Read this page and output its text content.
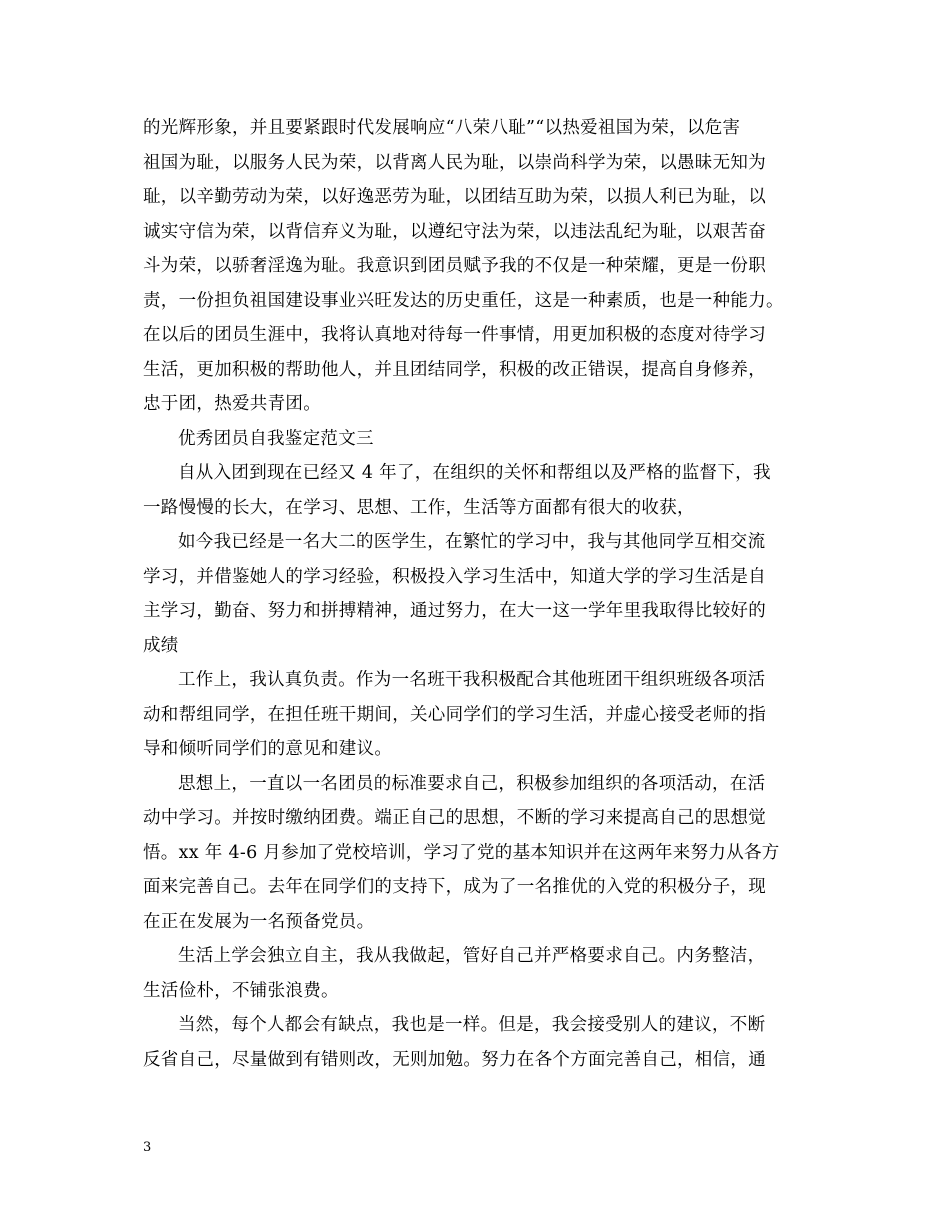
的光辉形象，并且要紧跟时代发展响应“八荣八耻”“以热爱祖国为荣，以危害
祖国为耻，以服务人民为荣，以背离人民为耻，以崇尚科学为荣，以愚昧无知为
耻，以辛勤劳动为荣，以好逸恶劳为耻，以团结互助为荣，以损人利已为耻，以
诚实守信为荣，以背信弃义为耻，以遵纪守法为荣，以违法乱纪为耻，以艰苦奋
斗为荣，以骄奢淫逸为耻。我意识到团员赋予我的不仅是一种荣耀，更是一份职
责，一份担负祖国建设事业兴旺发达的历史重任，这是一种素质，也是一种能力。
在以后的团员生涯中，我将认真地对待每一件事情，用更加积极的态度对待学习
生活，更加积极的帮助他人，并且团结同学，积极的改正错误，提高自身修养，
忠于团，热爱共青团。
优秀团员自我鉴定范文三
自从入团到现在已经又 4 年了，在组织的关怀和帮组以及严格的监督下，我
一路慢慢的长大，在学习、思想、工作，生活等方面都有很大的收获，
如今我已经是一名大二的医学生，在繁忙的学习中，我与其他同学互相交流
学习，并借鉴她人的学习经验，积极投入学习生活中，知道大学的学习生活是自
主学习，勤奋、努力和拼搏精神，通过努力，在大一这一学年里我取得比较好的
成绩
工作上，我认真负责。作为一名班干我积极配合其他班团干组织班级各项活
动和帮组同学，在担任班干期间，关心同学们的学习生活，并虚心接受老师的指
导和倾听同学们的意见和建议。
思想上，一直以一名团员的标准要求自己，积极参加组织的各项活动，在活
动中学习。并按时缴纳团费。端正自己的思想，不断的学习来提高自己的思想觉
悟。xx 年 4-6 月参加了党校培训，学习了党的基本知识并在这两年来努力从各方
面来完善自己。去年在同学们的支持下，成为了一名推优的入党的积极分子，现
在正在发展为一名预备党员。
生活上学会独立自主，我从我做起，管好自己并严格要求自己。内务整洁，
生活俭朴，不铺张浪费。
当然，每个人都会有缺点，我也是一样。但是，我会接受别人的建议，不断
反省自己，尽量做到有错则改，无则加勉。努力在各个方面完善自己，相信，通
3
